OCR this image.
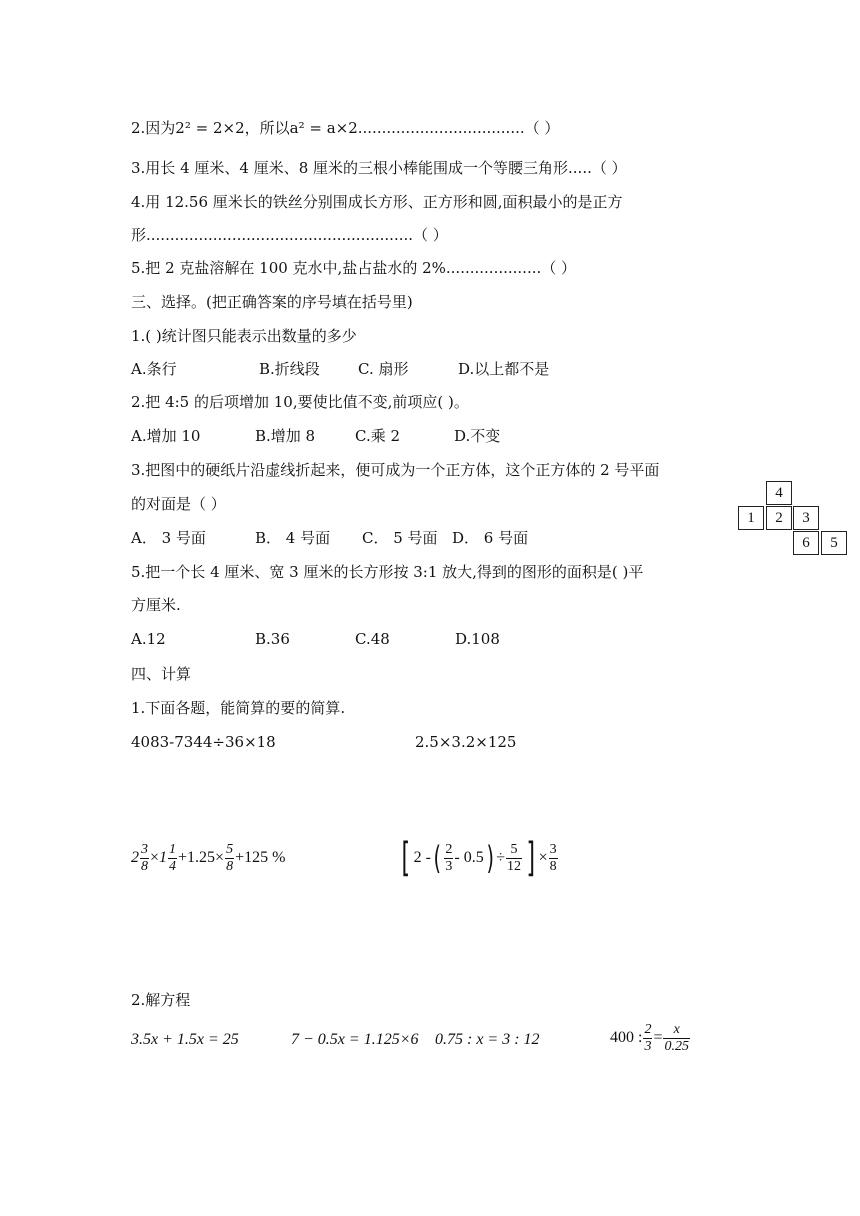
2.因为2² = 2×2，所以a² = a×2...................................（ ）
3.用长 4 厘米、4 厘米、8 厘米的三根小棒能围成一个等腰三角形.....（ ）
4.用 12.56 厘米长的铁丝分别围成长方形、正方形和圆,面积最小的是正方
形........................................................（ ）
5.把 2 克盐溶解在 100 克水中,盐占盐水的 2%....................（ ）
三、选择。(把正确答案的序号填在括号里)
1.( )统计图只能表示出数量的多少
A.条行	B.折线段	C. 扇形	D.以上都不是
2.把 4:5 的后项增加 10,要使比值不变,前项应( )。
A.增加 10	B.增加 8	C.乘 2	D.不变
3.把图中的硬纸片沿虚线折起来，便可成为一个正方体，这个正方体的 2 号平面
的对面是（ ）
A． 3 号面	B． 4 号面 C． 5 号面 D． 6 号面
4
1	2	3
6	5
5.把一个长 4 厘米、宽 3 厘米的长方形按 3:1 放大,得到的图形的面积是( )平
方厘米.
A.12	B.36	C.48	D.108
四、计算
1.下面各题，能简算的要的简算.
4083-7344÷36×18	2.5×3.2×125
$2 \frac{3}{8} \times 1 \frac{1}{4} +1.25\times \frac{5}{8} +125$ %	[ 2 -( $\frac{2}{3} - 0.5) \div \frac{5}{12}$ ] × $\frac{3}{8}$
2.解方程
3.5x + 1.5x = 25	7 − 0.5x = 1.125×6 0.75 : x = 3 : 12	400 : $\frac{2}{3} = \frac{x}{0.25}$
